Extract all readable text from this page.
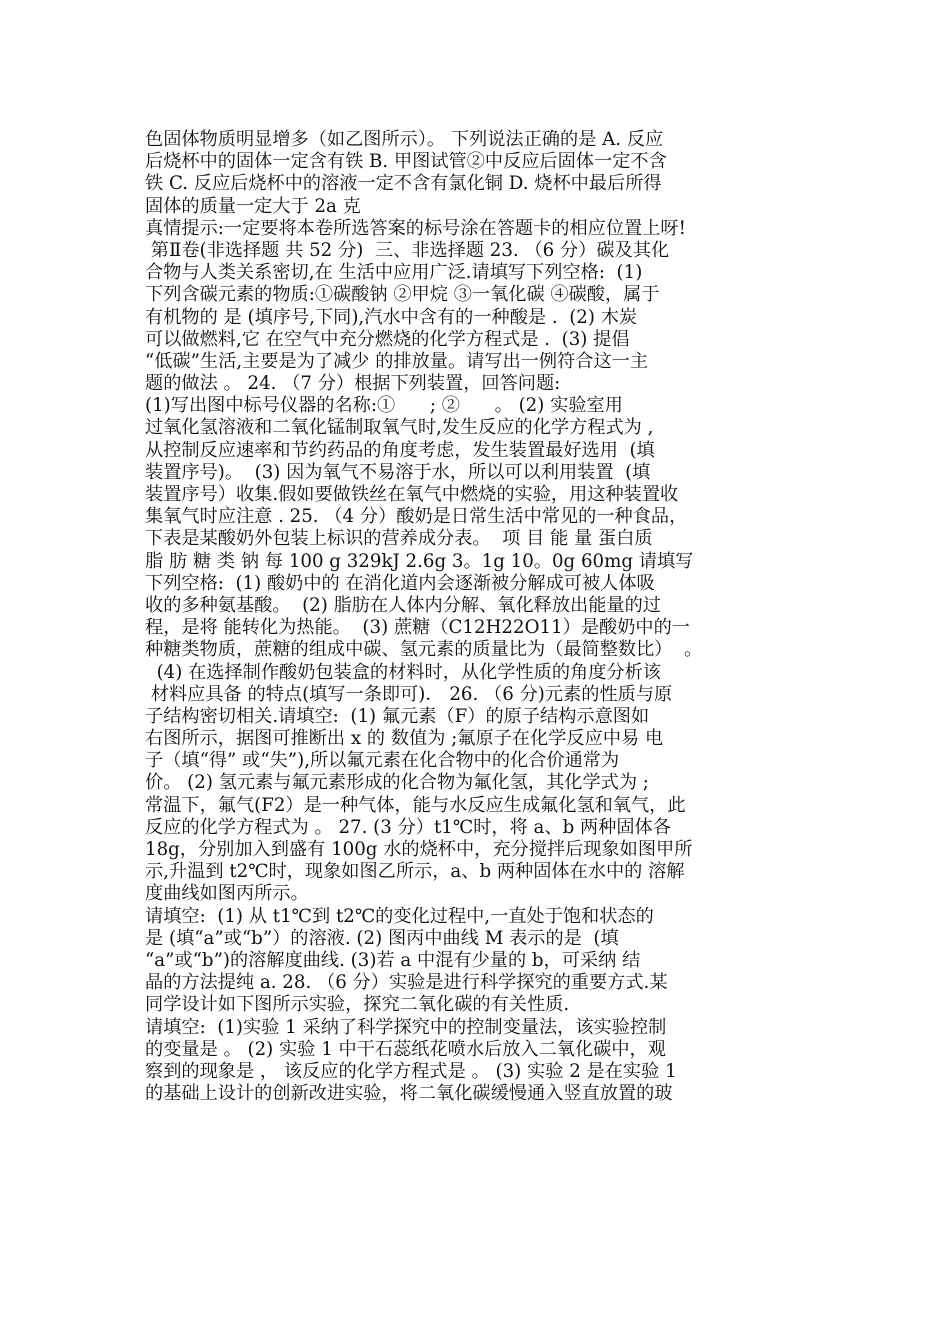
色固体物质明显增多（如乙图所示）。 下列说法正确的是 A. 反应
后烧杯中的固体一定含有铁 B. 甲图试管②中反应后固体一定不含
铁 C. 反应后烧杯中的溶液一定不含有氯化铜 D. 烧杯中最后所得
固体的质量一定大于 2a 克
真情提示:一定要将本卷所选答案的标号涂在答题卡的相应位置上呀!
第Ⅱ卷(非选择题 共 52 分)  三、非选择题 23. （6 分）碳及其化
合物与人类关系密切,在 生活中应用广泛.请填写下列空格:  (1)
下列含碳元素的物质:①碳酸钠 ②甲烷 ③一氧化碳 ④碳酸，属于
有机物的 是 (填序号,下同),汽水中含有的一种酸是 .  (2) 木炭
可以做燃料,它 在空气中充分燃烧的化学方程式是 .  (3) 提倡
“低碳”生活,主要是为了减少 的排放量。请写出一例符合这一主
题的做法 。 24. （7 分）根据下列装置，回答问题:
(1)写出图中标号仪器的名称:①      ; ②      。 (2) 实验室用
过氧化氢溶液和二氧化锰制取氧气时,发生反应的化学方程式为 ,
从控制反应速率和节约药品的角度考虑，发生装置最好选用  (填
装置序号)。  (3) 因为氧气不易溶于水，所以可以利用装置  (填
装置序号）收集.假如要做铁丝在氧气中燃烧的实验，用这种装置收
集氧气时应注意 . 25. （4 分）酸奶是日常生活中常见的一种食品，
下表是某酸奶外包装上标识的营养成分表。  项 目 能 量 蛋白质
脂 肪 糖 类 钠 每 100 g 329kJ 2.6g 3。1g 10。0g 60mg 请填写
下列空格:  (1) 酸奶中的 在消化道内会逐渐被分解成可被人体吸
收的多种氨基酸。  (2) 脂肪在人体内分解、氧化释放出能量的过
程，是将 能转化为热能。  (3) 蔗糖（C12H22O11）是酸奶中的一
种糖类物质，蔗糖的组成中碳、氢元素的质量比为（最简整数比）  。
(4) 在选择制作酸奶包装盒的材料时，从化学性质的角度分析该
材料应具备 的特点(填写一条即可)． 26. （6 分)元素的性质与原
子结构密切相关.请填空:  (1) 氟元素（F）的原子结构示意图如
右图所示，据图可推断出 x 的 数值为 ;氟原子在化学反应中易 电
子（填“得” 或“失”),所以氟元素在化合物中的化合价通常为
价。 (2) 氢元素与氟元素形成的化合物为氟化氢，其化学式为 ;
常温下，氟气(F2）是一种气体，能与水反应生成氟化氢和氧气，此
反应的化学方程式为 。 27. (3 分）t1℃时，将 a、b 两种固体各
18g，分别加入到盛有 100g 水的烧杯中，充分搅拌后现象如图甲所
示,升温到 t2℃时，现象如图乙所示，a、b 两种固体在水中的 溶解
度曲线如图丙所示。
请填空:  (1) 从 t1℃到 t2℃的变化过程中,一直处于饱和状态的
是 (填“a”或“b”）的溶液. (2) 图丙中曲线 M 表示的是  (填
“a”或“b”)的溶解度曲线. (3)若 a 中混有少量的 b，可采纳 结
晶的方法提纯 a. 28. （6 分）实验是进行科学探究的重要方式.某
同学设计如下图所示实验，探究二氧化碳的有关性质.
请填空:  (1)实验 1 采纳了科学探究中的控制变量法，该实验控制
的变量是 。 (2) 实验 1 中干石蕊纸花喷水后放入二氧化碳中，观
察到的现象是 ， 该反应的化学方程式是 。 (3) 实验 2 是在实验 1
的基础上设计的创新改进实验，将二氧化碳缓慢通入竖直放置的玻
